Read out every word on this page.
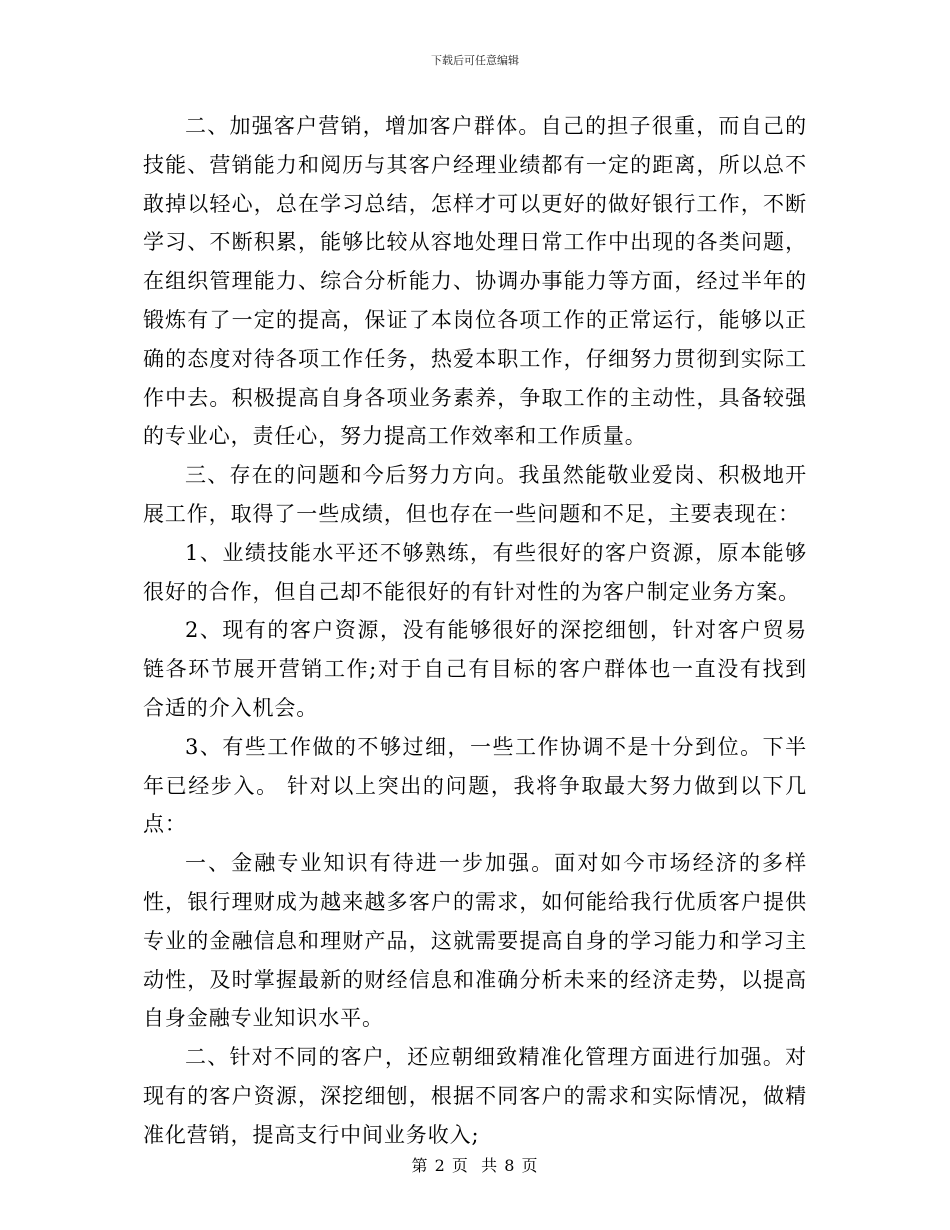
下载后可任意编辑

二、加强客户营销，增加客户群体。自己的担子很重，而自己的技能、营销能力和阅历与其客户经理业绩都有一定的距离，所以总不敢掉以轻心，总在学习总结，怎样才可以更好的做好银行工作，不断学习、不断积累，能够比较从容地处理日常工作中出现的各类问题，在组织管理能力、综合分析能力、协调办事能力等方面，经过半年的锻炼有了一定的提高，保证了本岗位各项工作的正常运行，能够以正确的态度对待各项工作任务，热爱本职工作，仔细努力贯彻到实际工作中去。积极提高自身各项业务素养，争取工作的主动性，具备较强的专业心，责任心，努力提高工作效率和工作质量。

三、存在的问题和今后努力方向。我虽然能敬业爱岗、积极地开展工作，取得了一些成绩，但也存在一些问题和不足，主要表现在：

1、业绩技能水平还不够熟练，有些很好的客户资源，原本能够很好的合作，但自己却不能很好的有针对性的为客户制定业务方案。

2、现有的客户资源，没有能够很好的深挖细刨，针对客户贸易链各环节展开营销工作;对于自己有目标的客户群体也一直没有找到合适的介入机会。

3、有些工作做的不够过细，一些工作协调不是十分到位。下半年已经步入。 针对以上突出的问题，我将争取最大努力做到以下几点：

一、金融专业知识有待进一步加强。面对如今市场经济的多样性，银行理财成为越来越多客户的需求，如何能给我行优质客户提供专业的金融信息和理财产品，这就需要提高自身的学习能力和学习主动性，及时掌握最新的财经信息和准确分析未来的经济走势，以提高自身金融专业知识水平。

二、针对不同的客户，还应朝细致精准化管理方面进行加强。对现有的客户资源，深挖细刨，根据不同客户的需求和实际情况，做精准化营销，提高支行中间业务收入;

第 2 页  共 8 页
